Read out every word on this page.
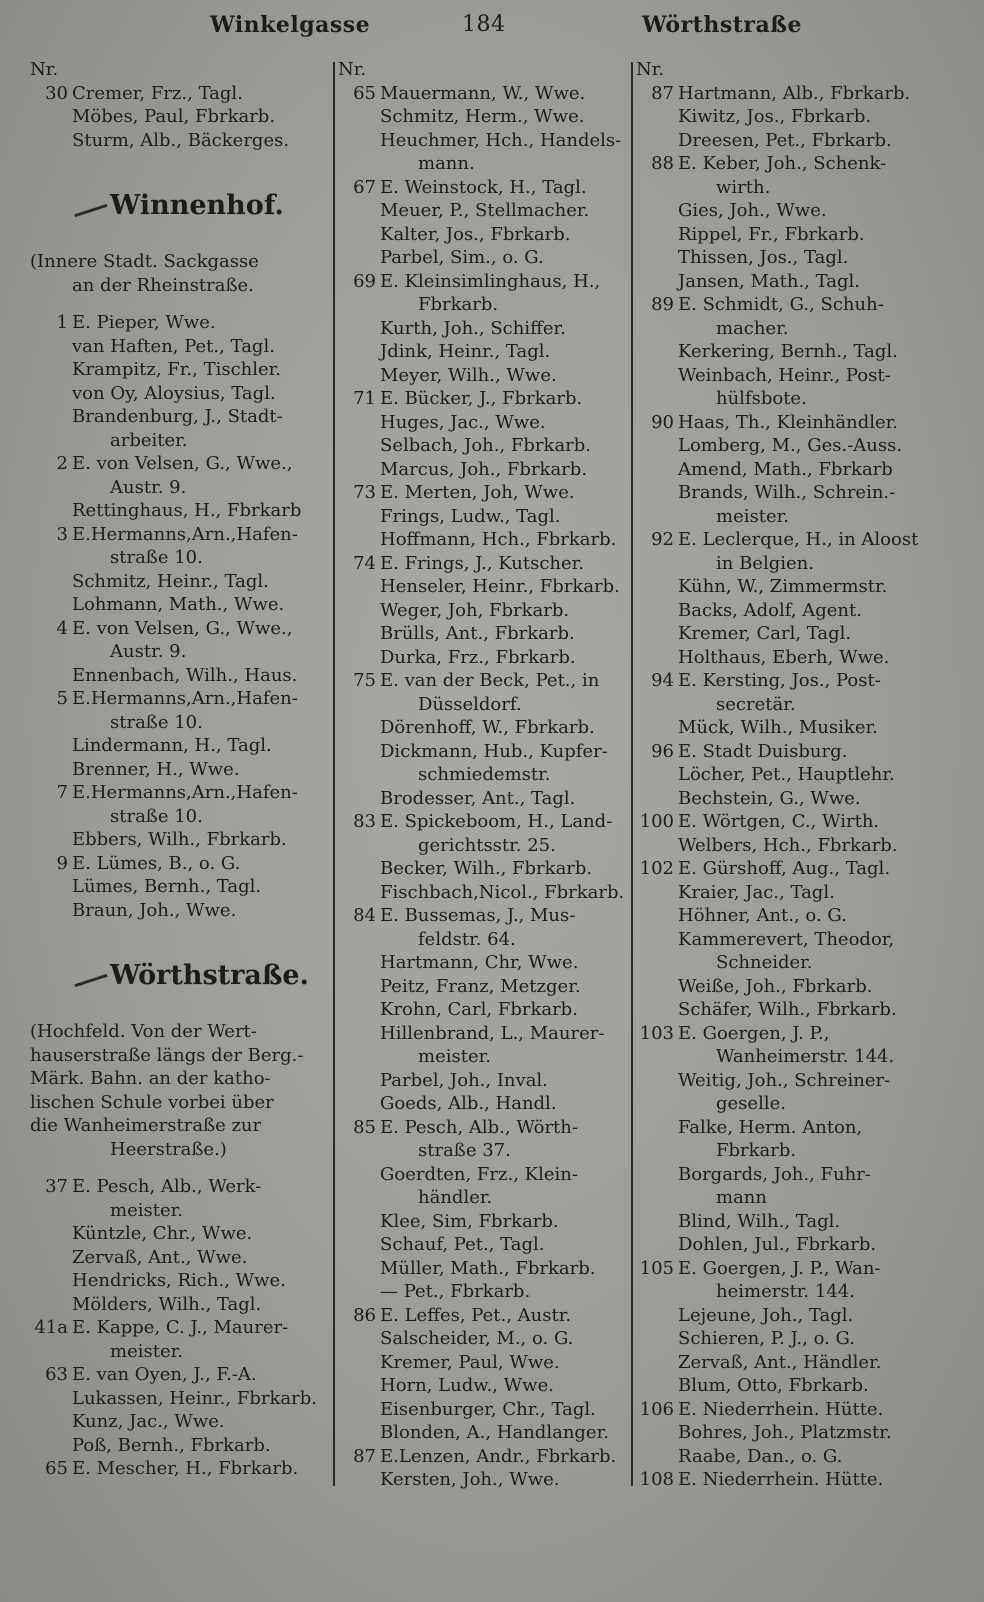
Winkelgasse	184	Wörthstraße
Nr.
30 Cremer, Frz., Tagl.
Möbes, Paul, Fbrkarb.
Sturm, Alb., Bäckerges.
Winnenhof.
(Innere Stadt. Sackgasse
an der Rheinstraße.
1 E. Pieper, Wwe.
van Haften, Pet., Tagl.
Krampitz, Fr., Tischler.
von Oy, Aloysius, Tagl.
Brandenburg, J., Stadt-
arbeiter.
2 E. von Velsen, G., Wwe.,
Austr. 9.
Rettinghaus, H., Fbrkarb
3 E.Hermanns,Arn.,Hafen-
straße 10.
Schmitz, Heinr., Tagl.
Lohmann, Math., Wwe.
4 E. von Velsen, G., Wwe.,
Austr. 9.
Ennenbach, Wilh., Haus.
5 E.Hermanns,Arn.,Hafen-
straße 10.
Lindermann, H., Tagl.
Brenner, H., Wwe.
7 E.Hermanns,Arn.,Hafen-
straße 10.
Ebbers, Wilh., Fbrkarb.
9 E. Lümes, B., o. G.
Lümes, Bernh., Tagl.
Braun, Joh., Wwe.
Wörthstraße.
(Hochfeld. Von der Wert-
hauserstraße längs der Berg.-
Märk. Bahn. an der katho-
lischen Schule vorbei über
die Wanheimerstraße zur
Heerstraße.)
37 E. Pesch, Alb., Werk-
meister.
Küntzle, Chr., Wwe.
Zervaß, Ant., Wwe.
Hendricks, Rich., Wwe.
Mölders, Wilh., Tagl.
41a E. Kappe, C. J., Maurer-
meister.
63 E. van Oyen, J., F.-A.
Lukassen, Heinr., Fbrkarb.
Kunz, Jac., Wwe.
Poß, Bernh., Fbrkarb.
65 E. Mescher, H., Fbrkarb.
Nr.
65 Mauermann, W., Wwe.
Schmitz, Herm., Wwe.
Heuchmer, Hch., Handels-
mann.
67 E. Weinstock, H., Tagl.
Meuer, P., Stellmacher.
Kalter, Jos., Fbrkarb.
Parbel, Sim., o. G.
69 E. Kleinsimlinghaus, H.,
Fbrkarb.
Kurth, Joh., Schiffer.
Jdink, Heinr., Tagl.
Meyer, Wilh., Wwe.
71 E. Bücker, J., Fbrkarb.
Huges, Jac., Wwe.
Selbach, Joh., Fbrkarb.
Marcus, Joh., Fbrkarb.
73 E. Merten, Joh, Wwe.
Frings, Ludw., Tagl.
Hoffmann, Hch., Fbrkarb.
74 E. Frings, J., Kutscher.
Henseler, Heinr., Fbrkarb.
Weger, Joh, Fbrkarb.
Brülls, Ant., Fbrkarb.
Durka, Frz., Fbrkarb.
75 E. van der Beck, Pet., in
Düsseldorf.
Dörenhoff, W., Fbrkarb.
Dickmann, Hub., Kupfer-
schmiedemstr.
Brodesser, Ant., Tagl.
83 E. Spickeboom, H., Land-
gerichtsstr. 25.
Becker, Wilh., Fbrkarb.
Fischbach,Nicol., Fbrkarb.
84 E. Bussemas, J., Mus-
feldstr. 64.
Hartmann, Chr, Wwe.
Peitz, Franz, Metzger.
Krohn, Carl, Fbrkarb.
Hillenbrand, L., Maurer-
meister.
Parbel, Joh., Inval.
Goeds, Alb., Handl.
85 E. Pesch, Alb., Wörth-
straße 37.
Goerdten, Frz., Klein-
händler.
Klee, Sim, Fbrkarb.
Schauf, Pet., Tagl.
Müller, Math., Fbrkarb.
— Pet., Fbrkarb.
86 E. Leffes, Pet., Austr.
Salscheider, M., o. G.
Kremer, Paul, Wwe.
Horn, Ludw., Wwe.
Eisenburger, Chr., Tagl.
Blonden, A., Handlanger.
87 E.Lenzen, Andr., Fbrkarb.
Kersten, Joh., Wwe.
Nr.
87 Hartmann, Alb., Fbrkarb.
Kiwitz, Jos., Fbrkarb.
Dreesen, Pet., Fbrkarb.
88 E. Keber, Joh., Schenk-
wirth.
Gies, Joh., Wwe.
Rippel, Fr., Fbrkarb.
Thissen, Jos., Tagl.
Jansen, Math., Tagl.
89 E. Schmidt, G., Schuh-
macher.
Kerkering, Bernh., Tagl.
Weinbach, Heinr., Post-
hülfsbote.
90 Haas, Th., Kleinhändler.
Lomberg, M., Ges.-Auss.
Amend, Math., Fbrkarb
Brands, Wilh., Schrein.-
meister.
92 E. Leclerque, H., in Aloost
in Belgien.
Kühn, W., Zimmermstr.
Backs, Adolf, Agent.
Kremer, Carl, Tagl.
Holthaus, Eberh, Wwe.
94 E. Kersting, Jos., Post-
secretär.
Mück, Wilh., Musiker.
96 E. Stadt Duisburg.
Löcher, Pet., Hauptlehr.
Bechstein, G., Wwe.
100 E. Wörtgen, C., Wirth.
Welbers, Hch., Fbrkarb.
102 E. Gürshoff, Aug., Tagl.
Kraier, Jac., Tagl.
Höhner, Ant., o. G.
Kammerevert, Theodor,
Schneider.
Weiße, Joh., Fbrkarb.
Schäfer, Wilh., Fbrkarb.
103 E. Goergen, J. P.,
Wanheimerstr. 144.
Weitig, Joh., Schreiner-
geselle.
Falke, Herm. Anton,
Fbrkarb.
Borgards, Joh., Fuhr-
mann
Blind, Wilh., Tagl.
Dohlen, Jul., Fbrkarb.
105 E. Goergen, J. P., Wan-
heimerstr. 144.
Lejeune, Joh., Tagl.
Schieren, P. J., o. G.
Zervaß, Ant., Händler.
Blum, Otto, Fbrkarb.
106 E. Niederrhein. Hütte.
Bohres, Joh., Platzmstr.
Raabe, Dan., o. G.
108 E. Niederrhein. Hütte.
